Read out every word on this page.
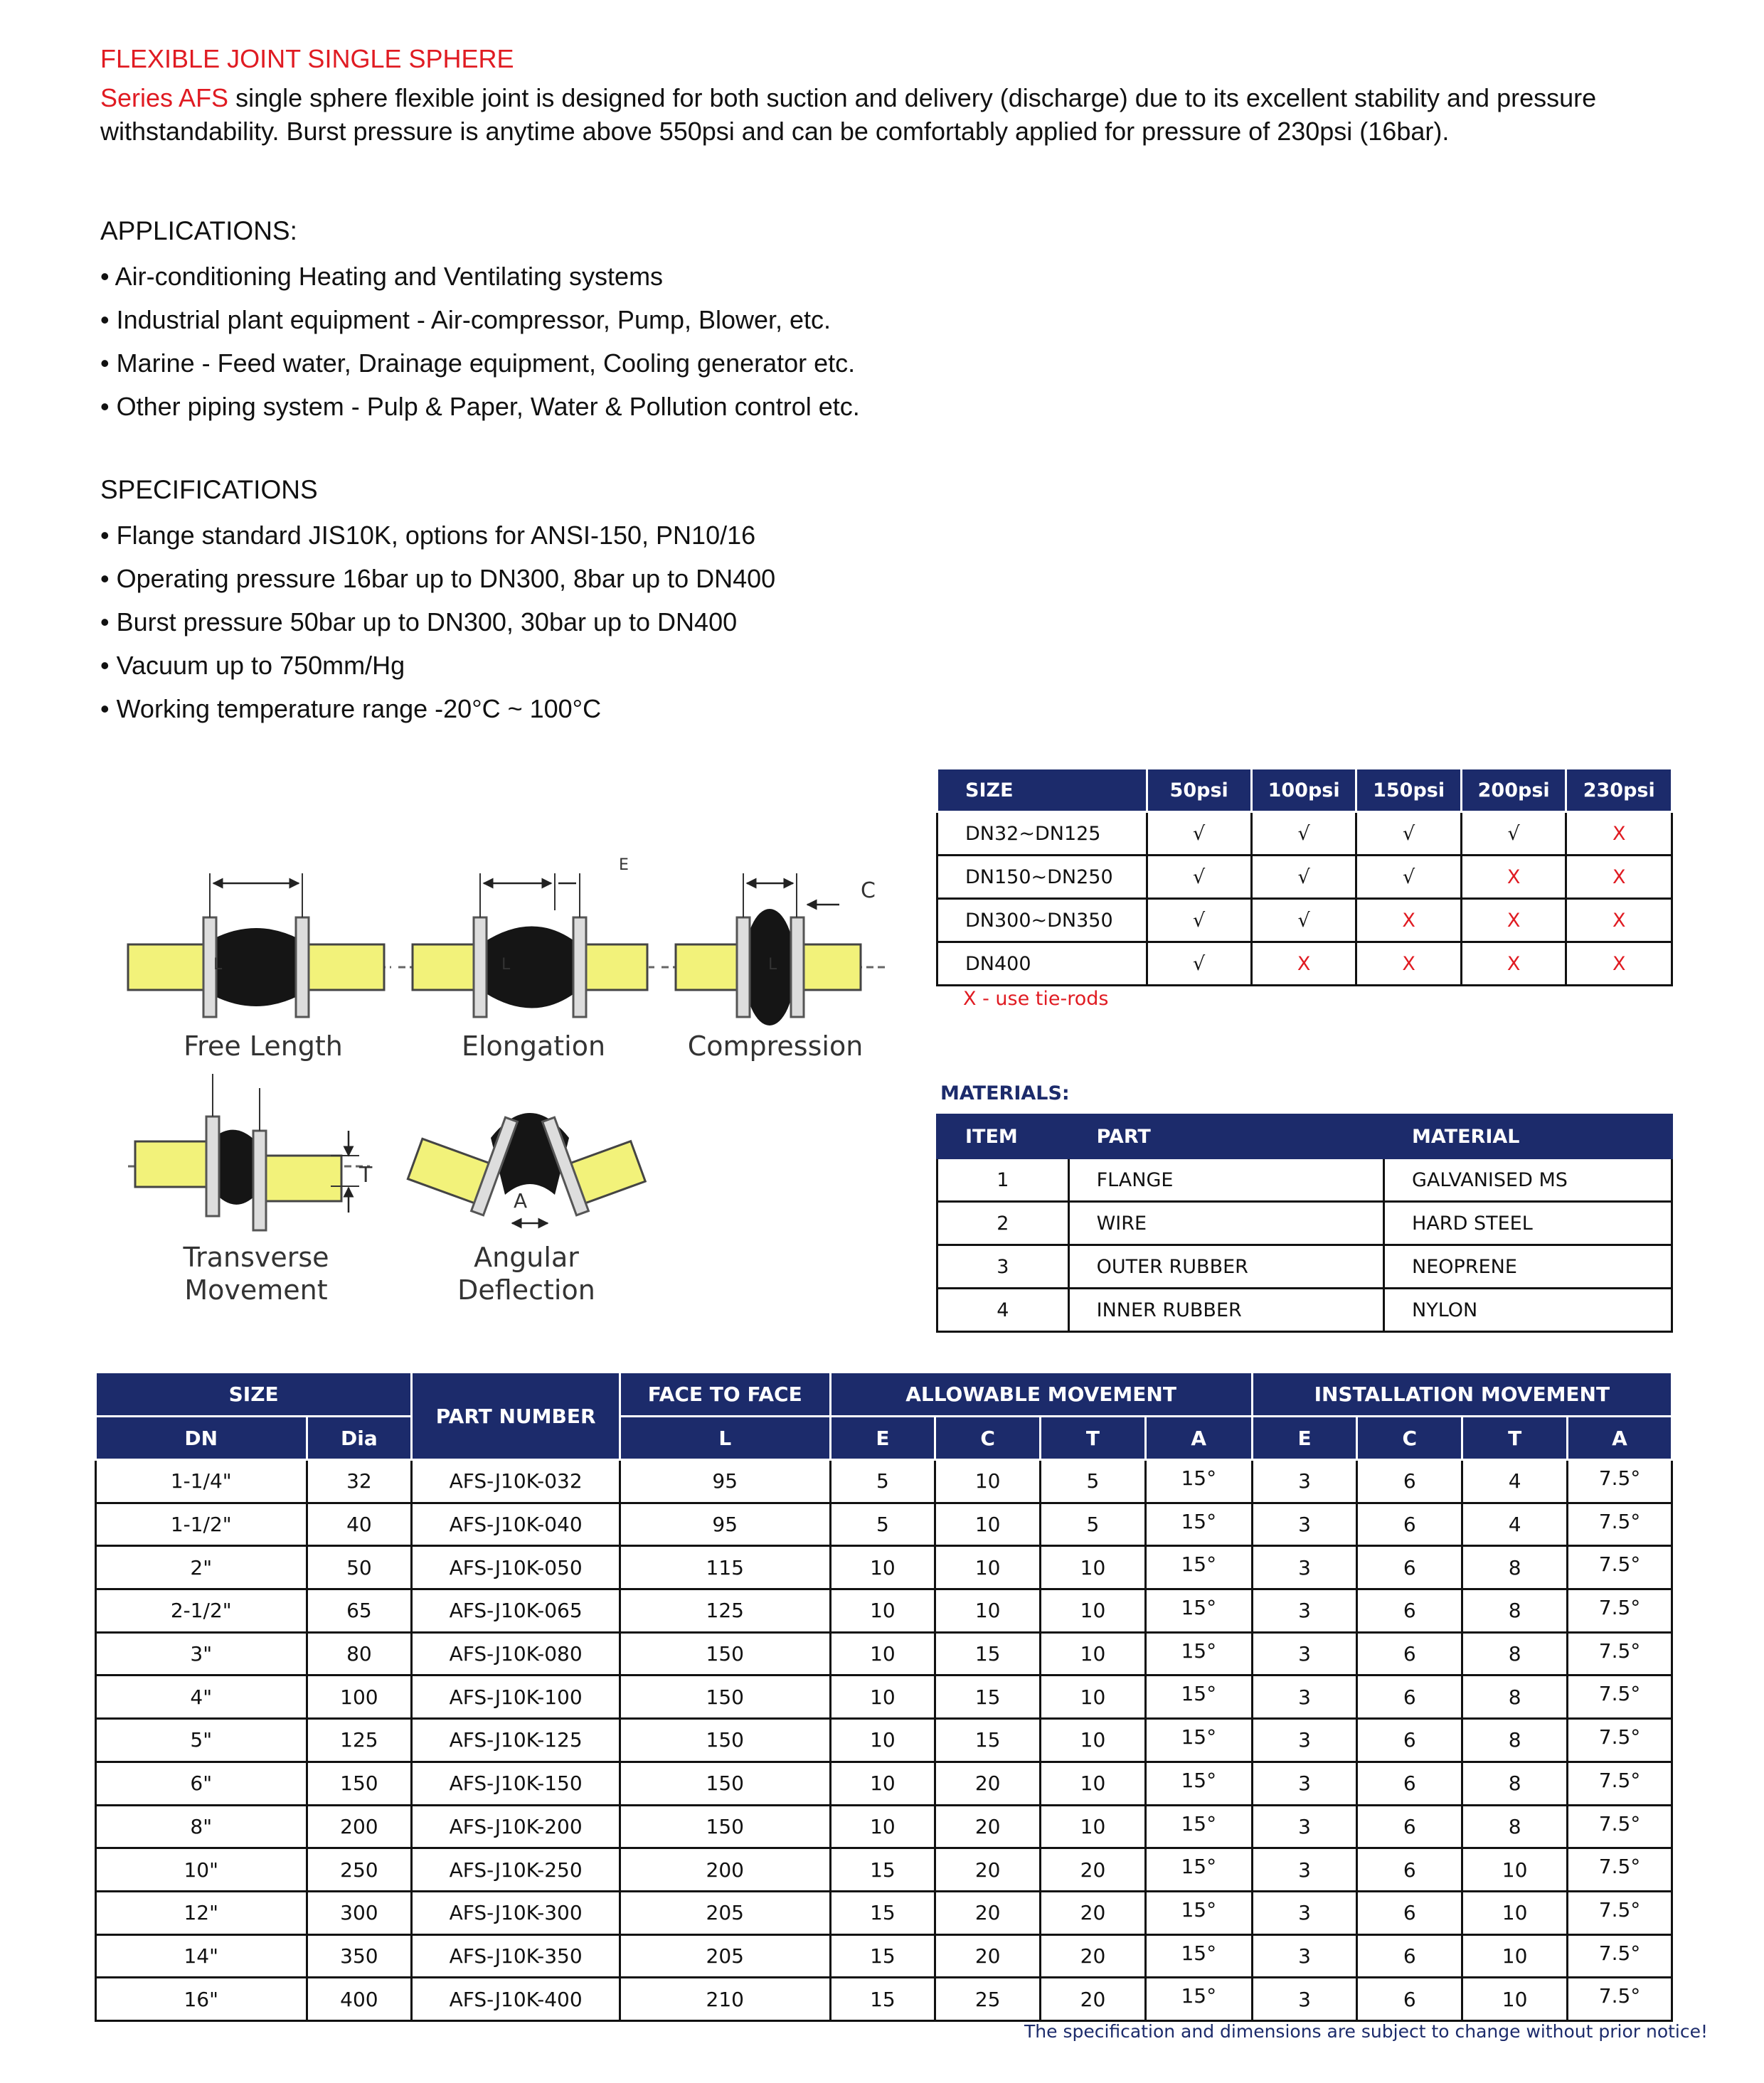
FLEXIBLE JOINT SINGLE SPHERE

Series AFS single sphere flexible joint is designed for both suction and delivery (discharge) due to its excellent stability and pressure withstandability. Burst pressure is anytime above 550psi and can be comfortably applied for pressure of 230psi (16bar).

APPLICATIONS:
• Air-conditioning Heating and Ventilating systems
• Industrial plant equipment - Air-compressor, Pump, Blower, etc.
• Marine - Feed water, Drainage equipment, Cooling generator etc.
• Other piping system - Pulp & Paper, Water & Pollution control etc.
SPECIFICATIONS
• Flange standard JIS10K, options for ANSI-150, PN10/16
• Operating pressure 16bar up to DN300, 8bar up to DN400
• Burst pressure 50bar up to DN300, 30bar up to DN400
• Vacuum up to 750mm/Hg
• Working temperature range -20°C ~ 100°C
L	L
E
L
C
T
A
Free Length	Elongation	Compression
Transverse
Movement
Angular
Deflection
SIZE	50psi	100psi	150psi	200psi	230psi
DN32~DN125	√	√	√	√	X
DN150~DN250	√	√	√	X	X
DN300~DN350	√	√	X	X	X
DN400	√	X	X	X	X
X - use tie-rods
MATERIALS:
ITEM	PART	MATERIAL
1	FLANGE	GALVANISED MS
2	WIRE	HARD STEEL
3	OUTER RUBBER	NEOPRENE
4	INNER RUBBER	NYLON
SIZE		PART NUMBER	FACE TO FACE	ALLOWABLE MOVEMENT				INSTALLATION MOVEMENT			
DN	Dia		L	E	C	T	A	E	C	T	A
1-1/4"	32	AFS-J10K-032	95	5	10	5	15°	3	6	4	7.5°
1-1/2"	40	AFS-J10K-040	95	5	10	5	15°	3	6	4	7.5°
2"	50	AFS-J10K-050	115	10	10	10	15°	3	6	8	7.5°
2-1/2"	65	AFS-J10K-065	125	10	10	10	15°	3	6	8	7.5°
3"	80	AFS-J10K-080	150	10	15	10	15°	3	6	8	7.5°
4"	100	AFS-J10K-100	150	10	15	10	15°	3	6	8	7.5°
5"	125	AFS-J10K-125	150	10	15	10	15°	3	6	8	7.5°
6"	150	AFS-J10K-150	150	10	20	10	15°	3	6	8	7.5°
8"	200	AFS-J10K-200	150	10	20	10	15°	3	6	8	7.5°
10"	250	AFS-J10K-250	200	15	20	20	15°	3	6	10	7.5°
12"	300	AFS-J10K-300	205	15	20	20	15°	3	6	10	7.5°
14"	350	AFS-J10K-350	205	15	20	20	15°	3	6	10	7.5°
16"	400	AFS-J10K-400	210	15	25	20	15°	3	6	10	7.5°
The specification and dimensions are subject to change without prior notice!
